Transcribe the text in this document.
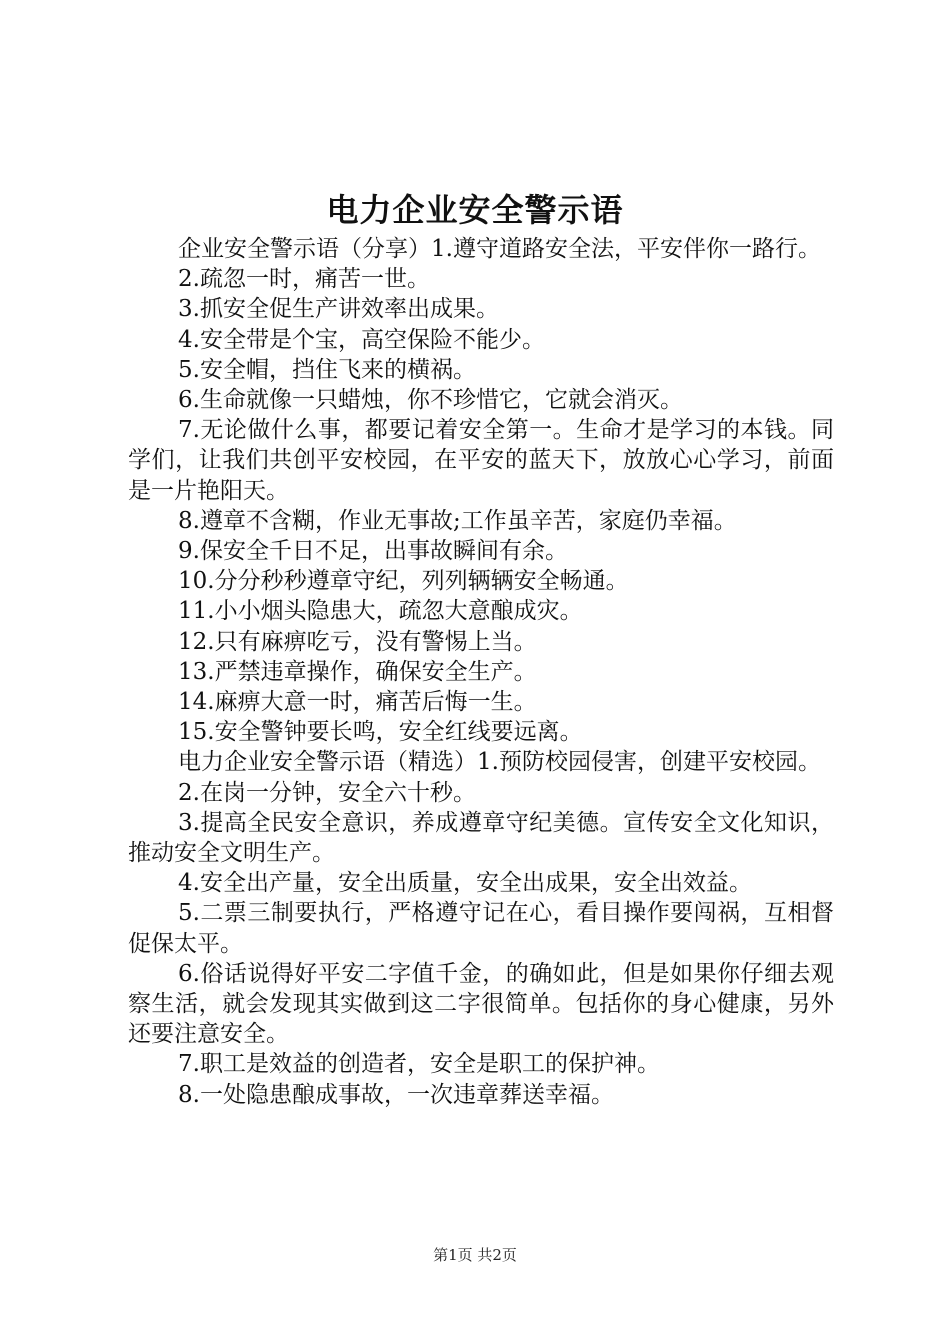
电力企业安全警示语

企业安全警示语（分享）1.遵守道路安全法，平安伴你一路行。

2.疏忽一时，痛苦一世。

3.抓安全促生产讲效率出成果。

4.安全带是个宝，高空保险不能少。

5.安全帽，挡住飞来的横祸。

6.生命就像一只蜡烛，你不珍惜它，它就会消灭。

7.无论做什么事，都要记着安全第一。生命才是学习的本钱。同学们，让我们共创平安校园，在平安的蓝天下，放放心心学习，前面是一片艳阳天。

8.遵章不含糊，作业无事故;工作虽辛苦，家庭仍幸福。

9.保安全千日不足，出事故瞬间有余。

10.分分秒秒遵章守纪，列列辆辆安全畅通。

11.小小烟头隐患大，疏忽大意酿成灾。

12.只有麻痹吃亏，没有警惕上当。

13.严禁违章操作，确保安全生产。

14.麻痹大意一时，痛苦后悔一生。

15.安全警钟要长鸣，安全红线要远离。

电力企业安全警示语（精选）1.预防校园侵害，创建平安校园。

2.在岗一分钟，安全六十秒。

3.提高全民安全意识，养成遵章守纪美德。宣传安全文化知识，推动安全文明生产。

4.安全出产量，安全出质量，安全出成果，安全出效益。

5.二票三制要执行，严格遵守记在心，看目操作要闯祸，互相督促保太平。

6.俗话说得好平安二字值千金，的确如此，但是如果你仔细去观察生活，就会发现其实做到这二字很简单。包括你的身心健康，另外还要注意安全。

7.职工是效益的创造者，安全是职工的保护神。

8.一处隐患酿成事故，一次违章葬送幸福。

第1页 共2页
